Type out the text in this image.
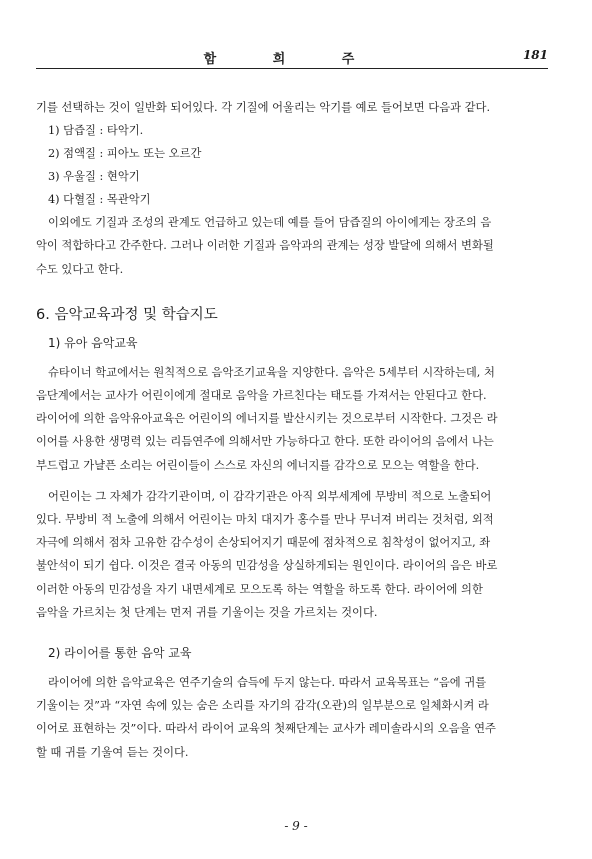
함 희 주	181

기를 선택하는 것이 일반화 되어있다. 각 기질에 어울리는 악기를 예로 들어보면 다음과 같다.

1) 담즙질 : 타악기.

2) 점액질 : 피아노 또는 오르간

3) 우울질 : 현악기

4) 다혈질 : 목관악기

이외에도 기질과 조성의 관계도 언급하고 있는데 예를 들어 담즙질의 아이에게는 장조의 음

악이 적합하다고 간주한다. 그러나 이러한 기질과 음악과의 관계는 성장 발달에 의해서 변화될

수도 있다고 한다.

6. 음악교육과정 및 학습지도
1) 유아 음악교육

슈타이너 학교에서는 원칙적으로 음악조기교육을 지양한다. 음악은 5세부터 시작하는데, 처

음단계에서는 교사가 어린이에게 절대로 음악을 가르친다는 태도를 가져서는 안된다고 한다.

라이어에 의한 음악유아교육은 어린이의 에너지를 발산시키는 것으로부터 시작한다. 그것은 라

이어를 사용한 생명력 있는 리듬연주에 의해서만 가능하다고 한다. 또한 라이어의 음에서 나는

부드럽고 가냘픈 소리는 어린이들이 스스로 자신의 에너지를 감각으로 모으는 역할을 한다.

어린이는 그 자체가 감각기관이며, 이 감각기관은 아직 외부세계에 무방비 적으로 노출되어

있다. 무방비 적 노출에 의해서 어린이는 마치 대지가 홍수를 만나 무너져 버리는 것처럼, 외적

자극에 의해서 점차 고유한 감수성이 손상되어지기 때문에 점차적으로 침착성이 없어지고, 좌

불안석이 되기 쉽다. 이것은 결국 아동의 민감성을 상실하게되는 원인이다. 라이어의 음은 바로

이러한 아동의 민감성을 자기 내면세계로 모으도록 하는 역할을 하도록 한다. 라이어에 의한

음악을 가르치는 첫 단계는 먼저 귀를 기울이는 것을 가르치는 것이다.

2) 라이어를 통한 음악 교육

라이어에 의한 음악교육은 연주기술의 습득에 두지 않는다. 따라서 교육목표는 “음에 귀를

기울이는 것”과 “자연 속에 있는 숨은 소리를 자기의 감각(오관)의 일부분으로 일체화시켜 라

이어로 표현하는 것”이다. 따라서 라이어 교육의 첫째단계는 교사가 레미솔라시의 오음을 연주

할 때 귀를 기울여 듣는 것이다.

- 9 -
